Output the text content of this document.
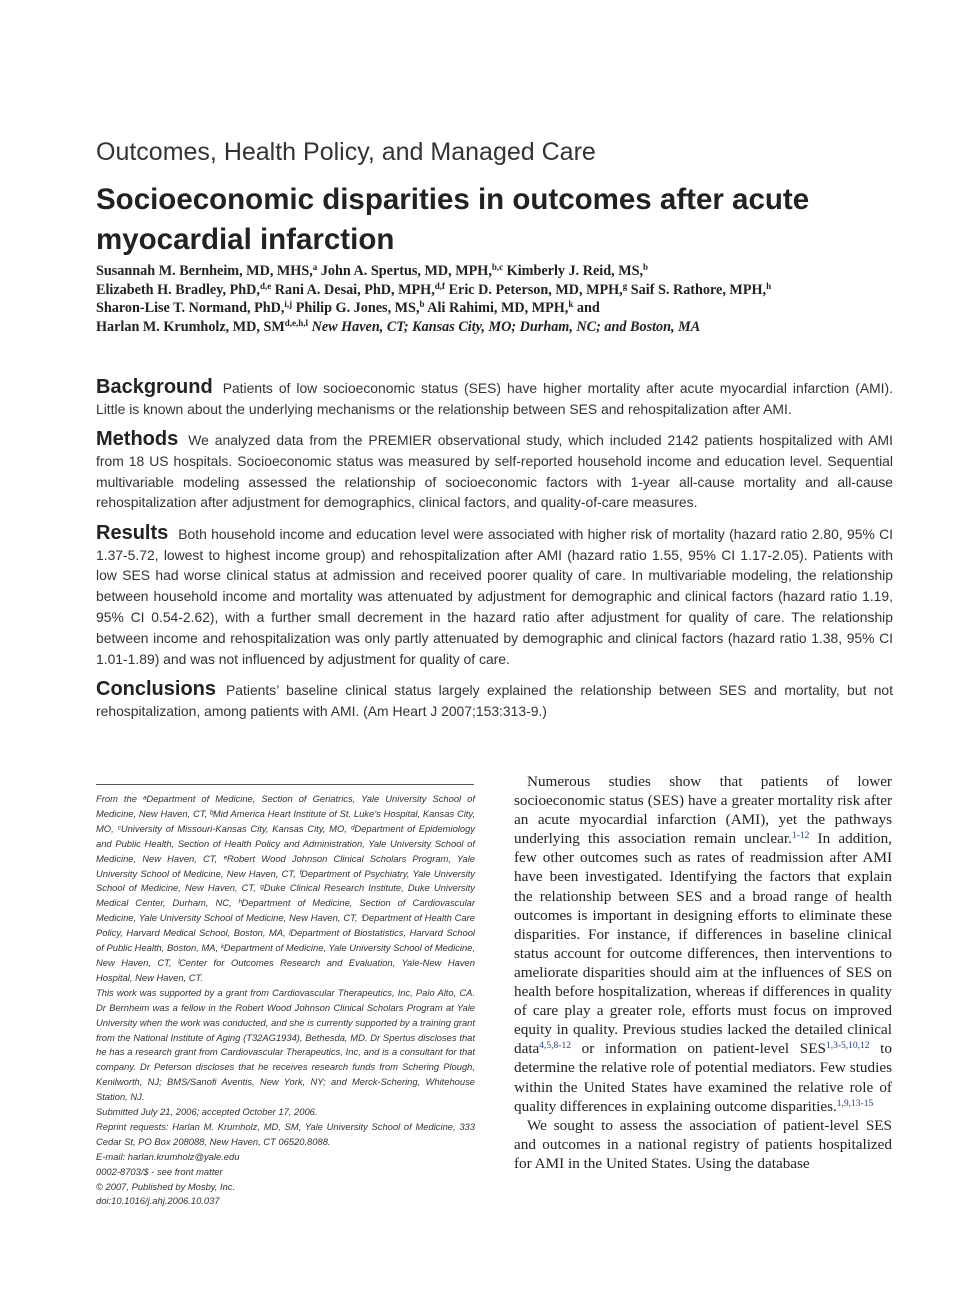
Outcomes, Health Policy, and Managed Care
Socioeconomic disparities in outcomes after acute myocardial infarction
Susannah M. Bernheim, MD, MHS,$^a$ John A. Spertus, MD, MPH,$^{b,c}$ Kimberly J. Reid, MS,$^b$
Elizabeth H. Bradley, PhD,$^{d,e}$ Rani A. Desai, PhD, MPH,$^{d,f}$ Eric D. Peterson, MD, MPH,$^g$ Saif S. Rathore, MPH,$^h$
Sharon-Lise T. Normand, PhD,$^{i,j}$ Philip G. Jones, MS,$^b$ Ali Rahimi, MD, MPH,$^k$ and
Harlan M. Krumholz, MD, SM$^{d,e,h,l}$ New Haven, CT; Kansas City, MO; Durham, NC; and Boston, MA

Background Patients of low socioeconomic status (SES) have higher mortality after acute myocardial infarction (AMI). Little is known about the underlying mechanisms or the relationship between SES and rehospitalization after AMI.

Methods We analyzed data from the PREMIER observational study, which included 2142 patients hospitalized with AMI from 18 US hospitals. Socioeconomic status was measured by self-reported household income and education level. Sequential multivariable modeling assessed the relationship of socioeconomic factors with 1-year all-cause mortality and all-cause rehospitalization after adjustment for demographics, clinical factors, and quality-of-care measures.

Results Both household income and education level were associated with higher risk of mortality (hazard ratio 2.80, 95% CI 1.37-5.72, lowest to highest income group) and rehospitalization after AMI (hazard ratio 1.55, 95% CI 1.17-2.05). Patients with low SES had worse clinical status at admission and received poorer quality of care. In multivariable modeling, the relationship between household income and mortality was attenuated by adjustment for demographic and clinical factors (hazard ratio 1.19, 95% CI 0.54-2.62), with a further small decrement in the hazard ratio after adjustment for quality of care. The relationship between income and rehospitalization was only partly attenuated by demographic and clinical factors (hazard ratio 1.38, 95% CI 1.01-1.89) and was not influenced by adjustment for quality of care.

Conclusions Patients’ baseline clinical status largely explained the relationship between SES and mortality, but not rehospitalization, among patients with AMI. (Am Heart J 2007;153:313-9.)

From the ᵃDepartment of Medicine, Section of Geriatrics, Yale University School of Medicine, New Haven, CT, ᵇMid America Heart Institute of St. Luke’s Hospital, Kansas City, MO, ᶜUniversity of Missouri-Kansas City, Kansas City, MO, ᵈDepartment of Epidemiology and Public Health, Section of Health Policy and Administration, Yale University School of Medicine, New Haven, CT, ᵉRobert Wood Johnson Clinical Scholars Program, Yale University School of Medicine, New Haven, CT, ᶠDepartment of Psychiatry, Yale University School of Medicine, New Haven, CT, ᵍDuke Clinical Research Institute, Duke University Medical Center, Durham, NC, ʰDepartment of Medicine, Section of Cardiovascular Medicine, Yale University School of Medicine, New Haven, CT, ⁱDepartment of Health Care Policy, Harvard Medical School, Boston, MA, ʲDepartment of Biostatistics, Harvard School of Public Health, Boston, MA, ᵏDepartment of Medicine, Yale University School of Medicine, New Haven, CT, ˡCenter for Outcomes Research and Evaluation, Yale-New Haven Hospital, New Haven, CT.

This work was supported by a grant from Cardiovascular Therapeutics, Inc, Palo Alto, CA. Dr Bernheim was a fellow in the Robert Wood Johnson Clinical Scholars Program at Yale University when the work was conducted, and she is currently supported by a training grant from the National Institute of Aging (T32AG1934), Bethesda, MD. Dr Spertus discloses that he has a research grant from Cardiovascular Therapeutics, Inc, and is a consultant for that company. Dr Peterson discloses that he receives research funds from Schering Plough, Kenilworth, NJ; BMS/Sanofi Aventis, New York, NY; and Merck-Schering, Whitehouse Station, NJ.

Submitted July 21, 2006; accepted October 17, 2006.

Reprint requests: Harlan M. Krumholz, MD, SM, Yale University School of Medicine, 333 Cedar St, PO Box 208088, New Haven, CT 06520.8088.

E-mail: harlan.krumholz@yale.edu

0002-8703/$ - see front matter

© 2007, Published by Mosby, Inc.

doi:10.1016/j.ahj.2006.10.037

Numerous studies show that patients of lower socioeconomic status (SES) have a greater mortality risk after an acute myocardial infarction (AMI), yet the pathways underlying this association remain unclear.$^{1-12}$ In addition, few other outcomes such as rates of readmission after AMI have been investigated. Identifying the factors that explain the relationship between SES and a broad range of health outcomes is important in designing efforts to eliminate these disparities. For instance, if differences in baseline clinical status account for outcome differences, then interventions to ameliorate disparities should aim at the influences of SES on health before hospitalization, whereas if differences in quality of care play a greater role, efforts must focus on improved equity in quality. Previous studies lacked the detailed clinical data$^{4,5,8-12}$ or information on patient-level SES$^{1,3-5,10,12}$ to determine the relative role of potential mediators. Few studies within the United States have examined the relative role of quality differences in explaining outcome disparities.$^{1,9,13-15}$

We sought to assess the association of patient-level SES and outcomes in a national registry of patients hospitalized for AMI in the United States. Using the database
